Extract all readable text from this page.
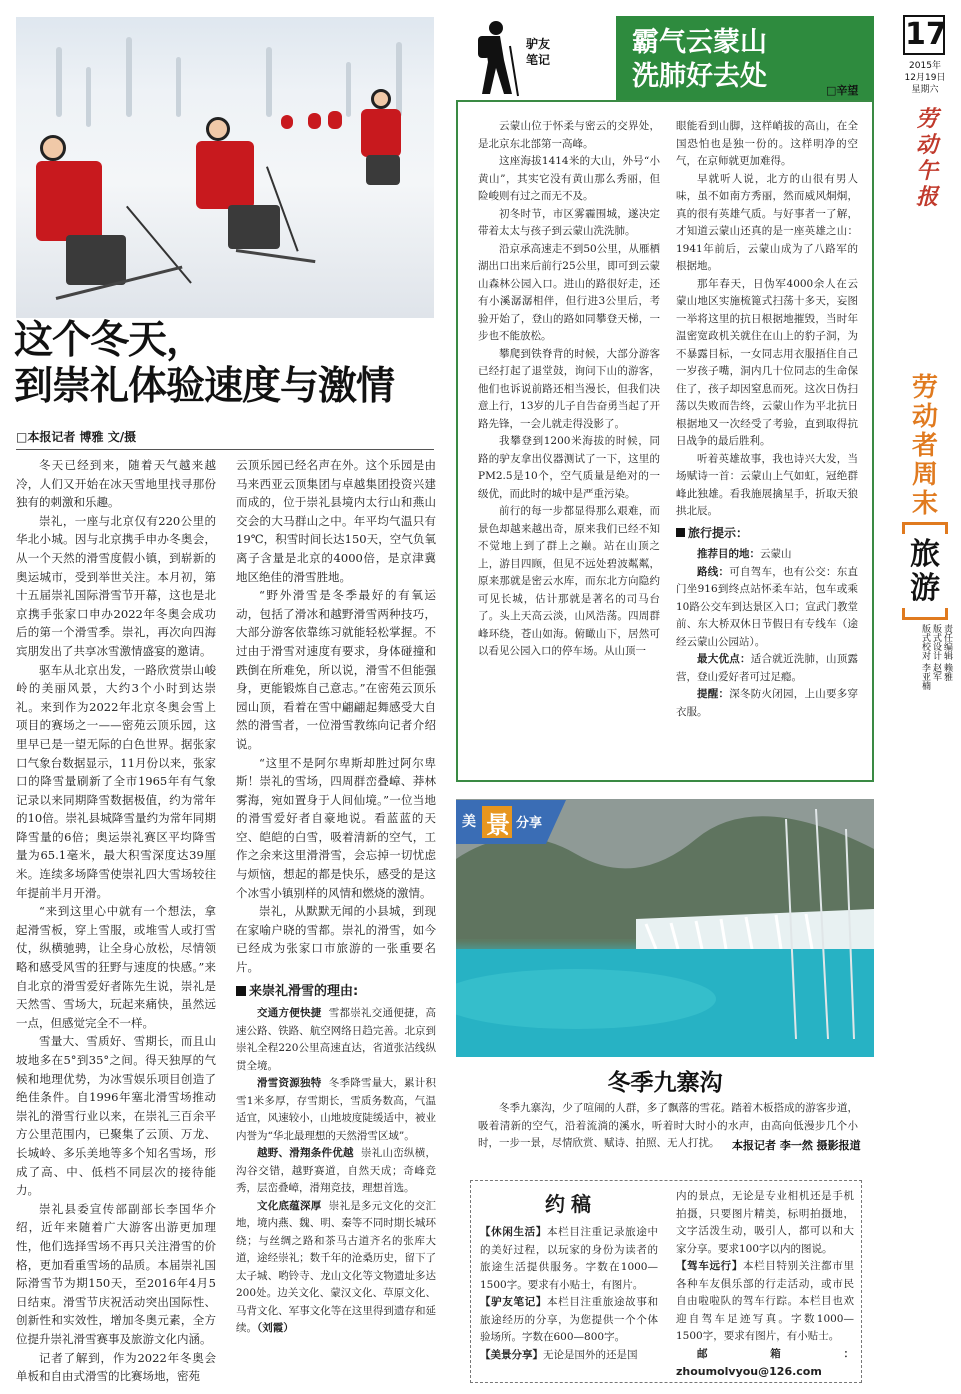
这个冬天，
到崇礼体验速度与激情
□本报记者 博雅 文/摄

冬天已经到来，随着天气越来越冷，人们又开始在冰天雪地里找寻那份独有的刺激和乐趣。

崇礼，一座与北京仅有220公里的华北小城。因与北京携手申办冬奥会，从一个天然的滑雪度假小镇，到崭新的奥运城市，受到举世关注。本月初，第十五届崇礼国际滑雪节开幕，这也是北京携手张家口申办2022年冬奥会成功后的第一个滑雪季。崇礼，再次向四海宾朋发出了共享冰雪激情盛宴的邀请。

驱车从北京出发，一路欣赏崇山峻岭的美丽风景，大约3个小时到达崇礼。来到作为2022年北京冬奥会雪上项目的赛场之一——密苑云顶乐园，这里早已是一望无际的白色世界。据张家口气象台数据显示，11月份以来，张家口的降雪量刷新了全市1965年有气象记录以来同期降雪数据极值，约为常年的10倍。崇礼县城降雪量约为常年同期降雪量的6倍；奥运崇礼赛区平均降雪量为65.1毫米，最大积雪深度达39厘米。连续多场降雪使崇礼四大雪场较往年提前半月开滑。

“来到这里心中就有一个想法，拿起滑雪板，穿上雪服，或堆雪人或打雪仗，纵横驰骋，让全身心放松，尽情领略和感受风雪的狂野与速度的快感。”来自北京的滑雪爱好者陈先生说，崇礼是天然雪、雪场大，玩起来痛快，虽然远一点，但感觉完全不一样。

雪量大、雪质好、雪期长，而且山坡地多在5°到35°之间。得天独厚的气候和地理优势，为冰雪娱乐项目创造了绝佳条件。自1996年塞北滑雪场推动崇礼的滑雪行业以来，在崇礼三百余平方公里范围内，已聚集了云顶、万龙、长城岭、多乐美地等多个知名雪场，形成了高、中、低档不同层次的接待能力。

崇礼县委宣传部副部长李国华介绍，近年来随着广大游客出游更加理性，他们选择雪场不再只关注滑雪的价格，更加看重雪场的品质。本届崇礼国际滑雪节为期150天，至2016年4月5日结束。滑雪节庆祝活动突出国际性、创新性和实效性，增加冬奥元素，全方位提升崇礼滑雪赛事及旅游文化内涵。

记者了解到，作为2022年冬奥会单板和自由式滑雪的比赛场地，密苑

云顶乐园已经名声在外。这个乐园是由马来西亚云顶集团与卓越集团投资兴建而成的，位于崇礼县境内太行山和燕山交会的大马群山之中。年平均气温只有19℃，积雪时间长达150天，空气负氧离子含量是北京的4000倍，是京津冀地区绝佳的滑雪胜地。

“野外滑雪是冬季最好的有氧运动，包括了滑冰和越野滑雪两种技巧，大部分游客依靠练习就能轻松掌握。不过由于滑雪对速度有要求，身体碰撞和跌倒在所难免，所以说，滑雪不但能强身，更能锻炼自己意志。”在密苑云顶乐园山顶，看着在雪中翩翩起舞感受大自然的滑雪者，一位滑雪教练向记者介绍说。

“这里不是阿尔卑斯却胜过阿尔卑斯！崇礼的雪场，四周群峦叠嶂、莽林雾海，宛如置身于人间仙境。”一位当地的滑雪爱好者自豪地说。看蓝蓝的天空、皑皑的白雪，吸着清新的空气，工作之余来这里滑滑雪，会忘掉一切忧虑与烦恼，想起的都是快乐，感受的是这个冰雪小镇别样的风情和燃烧的激情。

崇礼，从默默无闻的小县城，到现在家喻户晓的雪都。崇礼的滑雪，如今已经成为张家口市旅游的一张重要名片。

来崇礼滑雪的理由:

交通方便快捷 雪都崇礼交通便捷，高速公路、铁路、航空网络日趋完善。北京到崇礼全程220公里高速直达，省道张沽线纵贯全境。

滑雪资源独特 冬季降雪量大，累计积雪1米多厚，存雪期长，雪质务数高，气温适宜，风速较小，山地坡度陡缓适中，被业内誉为“华北最理想的天然滑雪区域”。

越野、滑翔条件优越 崇礼山峦纵横，沟谷交错，越野赛道，自然天成；奇峰竞秀，层峦叠嶂，滑翔竞技，理想首选。

文化底蕴深厚 崇礼是多元文化的交汇地，境内燕、魏、明、秦等不同时期长城环绕；与丝绸之路和茶马古道齐名的张库大道，途经崇礼；数千年的沧桑历史，留下了太子城、哟铃寺、龙山文化等文物遗址多达200处。边关文化、蒙汉文化、草原文化、马背文化、军事文化等在这里得到遗存和延续。（刘霞）

驴友
笔记
霸气云蒙山
洗肺好去处	□辛望

云蒙山位于怀柔与密云的交界处，是北京东北部第一高峰。

这座海拔1414米的大山，外号“小黄山”，其实它没有黄山那么秀丽，但险峻则有过之而无不及。

初冬时节，市区雾霾围城，遂决定带着太太与孩子到云蒙山洗洗肺。

沿京承高速走不到50公里，从雁栖湖出口出来后前行25公里，即可到云蒙山森林公园入口。进山的路很好走，还有小溪潺潺相伴，但行进3公里后，考验开始了，登山的路如同攀登天梯，一步也不能放松。

攀爬到铁脊背的时候，大部分游客已经打起了退堂鼓，询问下山的游客，他们也诉说前路还相当漫长，但我们决意上行，13岁的儿子自告奋勇当起了开路先锋，一会儿就走得没影了。

我攀登到1200米海拔的时候，同路的驴友拿出仪器测试了一下，这里的PM2.5是10个，空气质量是绝对的一级优，而此时的城中是严重污染。

前行的每一步都显得那么艰难，而景色却越来越出奇，原来我们已经不知不觉地上到了群上之巅。站在山顶之上，游目四顾，但见不远处碧波粼粼，原来那就是密云水库，而东北方向隐约可见长城，估计那就是著名的司马台了。头上天高云淡，山风浩荡。四周群峰环绕，苍山如海。俯瞰山下，居然可以看见公园入口的停车场。从山顶一

眼能看到山脚，这样峭拔的高山，在全国恐怕也是独一份的。这样明净的空气，在京师就更加难得。

早就听人说，北方的山很有男人味，虽不如南方秀丽，然而威风烔烔，真的很有英雄气质。与好事者一了解，才知道云蒙山还真的是一座英雄之山：1941年前后，云蒙山成为了八路军的根据地。

那年春天，日伪军4000余人在云蒙山地区实施梳篦式扫荡十多天，妄图一举将这里的抗日根据地摧毁，当时年温密宽政机关就住在山上的豹子洞，为不暴露目标，一女同志用衣服捂住自己一岁孩子嘴，洞内几十位同志的生命保住了，孩子却因窒息而死。这次日伪扫荡以失败而告终，云蒙山作为平北抗日根据地又一次经受了考验，直到取得抗日战争的最后胜利。

听着英雄故事，我也诗兴大发，当场赋诗一首：云蒙山上气如虹，冠绝群峰此独雄。看我施展擒星手，折取天狼拱北辰。

旅行提示：

推荐目的地：云蒙山

路线：可自驾车，也有公交：东直门坐916到终点站怀柔车站，包车或乘10路公交车到达景区入口；宣武门教堂前、东大桥双休日节假日有专线车（途经云蒙山公园站）。

最大优点：适合就近洗肺，山顶露营，登山爱好者可过足瘾。

提醒：深冬防火闭园，上山要多穿衣服。

17
2015年
12月19日
星期六
劳动午报
劳动者周末
旅游
责任编辑 赖雅
版式设计 赵军
版式校对 李亚楠
美 景 分享
冬季九寨沟

冬季九寨沟，少了喧闹的人群，多了飘落的雪花。踏着木板搭成的游客步道，吸着清新的空气，沿着流淌的溪水，听着时大时小的水声，由高向低漫步几个小时，一步一景，尽情欣赏、赋诗、拍照、无人打扰。	本报记者 李一然 摄影报道
约稿

【休闲生活】本栏目注重记录旅途中的美好过程，以玩家的身份为读者的旅途生活提供服务。字数在1000—1500字。要求有小贴士，有图片。

【驴友笔记】本栏目注重旅途故事和旅途经历的分享，为您提供一个个体验场所。字数在600—800字。

【美景分享】无论是国外的还是国

内的景点，无论是专业相机还是手机拍摄，只要图片精美，标明拍摄地，文字活泼生动，吸引人，都可以和大家分享。要求100字以内的图说。

【驾车远行】本栏目特别关注都市里各种车友俱乐部的行走活动，或市民自由啦啦队的驾车行踪。本栏目也欢迎自驾车足迹写真。字数1000—1500字，要求有图片，有小贴士。

邮箱：zhoumolvyou@126.com
